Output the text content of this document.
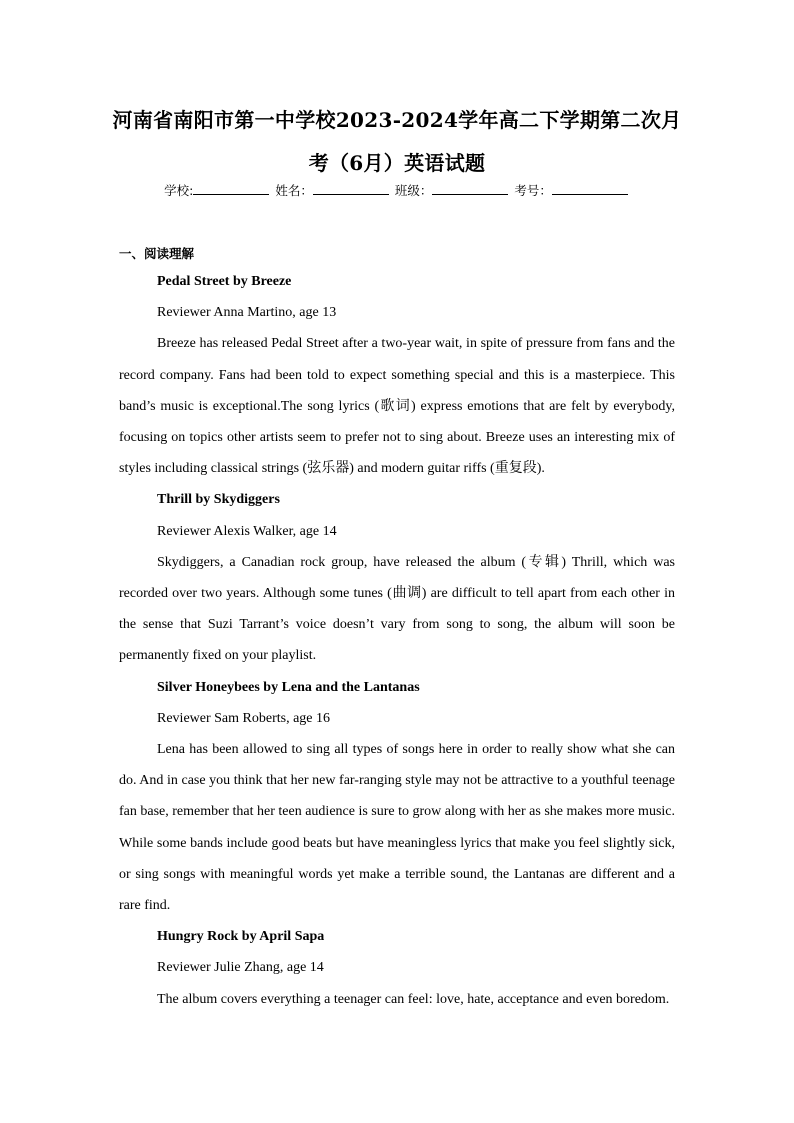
河南省南阳市第一中学校2023-2024学年高二下学期第二次月
考（6月）英语试题
学校:	姓名：	班级：	考号：
一、阅读理解

Pedal Street by Breeze

Reviewer Anna Martino, age 13

Breeze has released Pedal Street after a two-year wait, in spite of pressure from fans and the record company. Fans had been told to expect something special and this is a masterpiece. This band’s music is exceptional.The song lyrics (歌词) express emotions that are felt by everybody, focusing on topics other artists seem to prefer not to sing about. Breeze uses an interesting mix of styles including classical strings (弦乐器) and modern guitar riffs (重复段).

Thrill by Skydiggers

Reviewer Alexis Walker, age 14

Skydiggers, a Canadian rock group, have released the album (专辑) Thrill, which was recorded over two years. Although some tunes (曲调) are difficult to tell apart from each other in the sense that Suzi Tarrant’s voice doesn’t vary from song to song, the album will soon be permanently fixed on your playlist.

Silver Honeybees by Lena and the Lantanas

Reviewer Sam Roberts, age 16

Lena has been allowed to sing all types of songs here in order to really show what she can do. And in case you think that her new far-ranging style may not be attractive to a youthful teenage fan base, remember that her teen audience is sure to grow along with her as she makes more music. While some bands include good beats but have meaningless lyrics that make you feel slightly sick, or sing songs with meaningful words yet make a terrible sound, the Lantanas are different and a rare find.

Hungry Rock by April Sapa

Reviewer Julie Zhang, age 14

The album covers everything a teenager can feel: love, hate, acceptance and even boredom.
